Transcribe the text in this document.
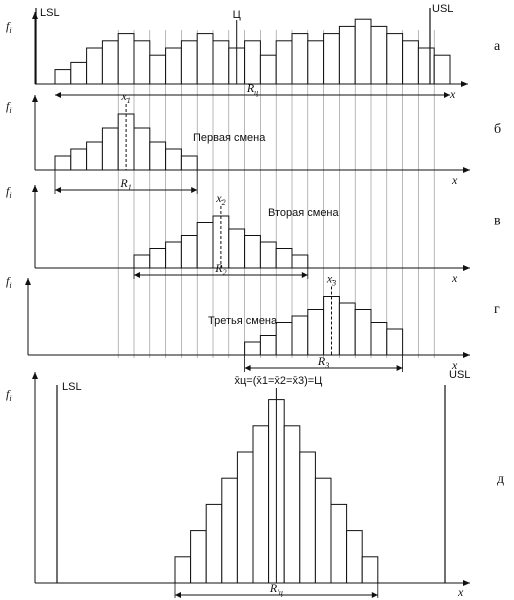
$f_i$
x
а
LSL	USL
Ц
$R_ц$
$f_i$
x
б
$x_{̄1}$
$R_1$
Первая смена
$f_i$
x
в
$x_{̄2}$
$R_2$
Вторая смена
$f_i$
x
г
$x_{̄3}$
$R_3$
Третья смена
$f_i$
x
д
LSL
USL
x̄ц=(x̄1=x̄2=x̄3)=Ц
$R_{'ц}$
